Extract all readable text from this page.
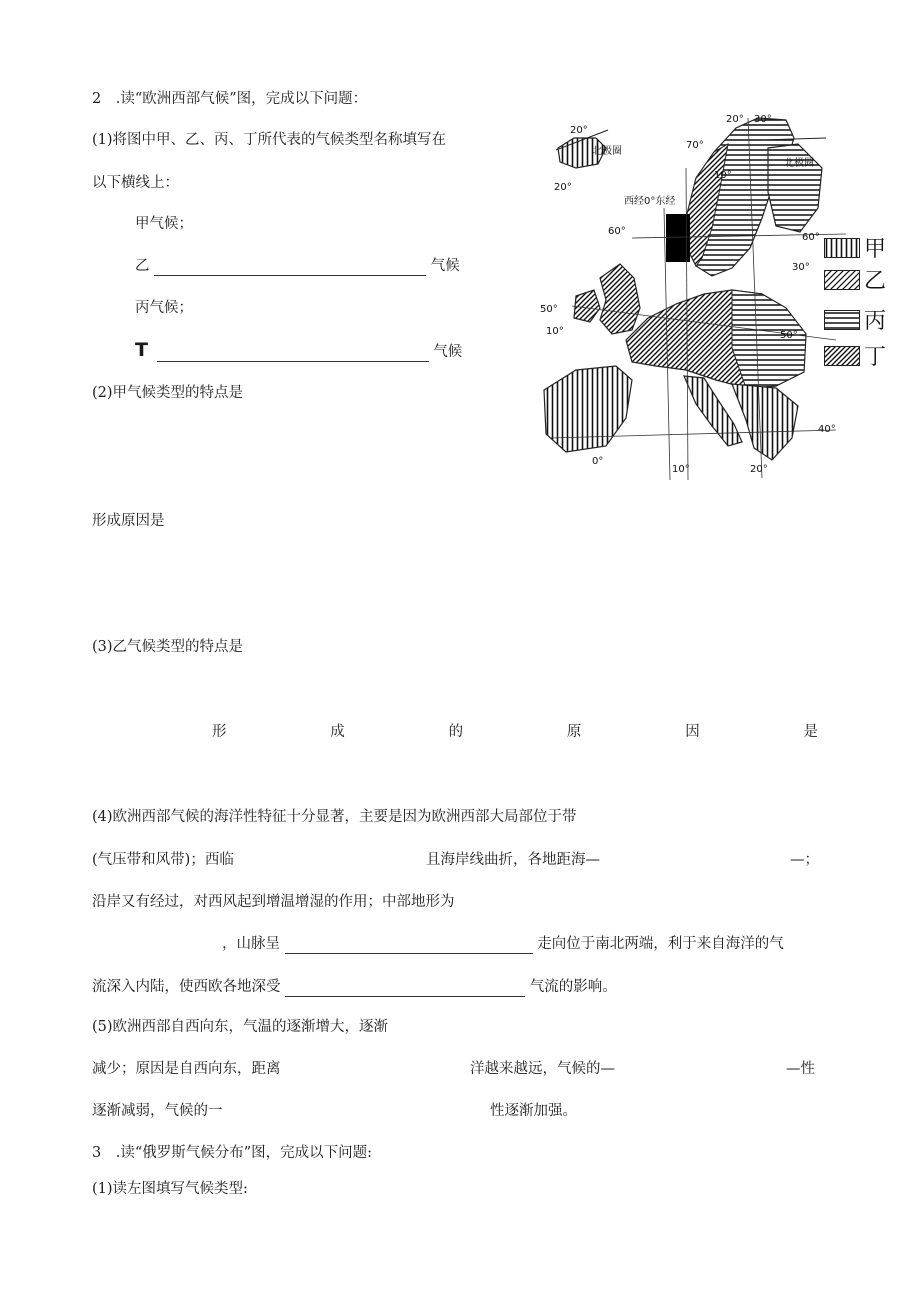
2　.读“欧洲西部气候”图，完成以下问题：
(1)将图中甲、乙、丙、丁所代表的气候类型名称填写在
以下横线上：
甲气候；
乙	气候
丙气候；
T	气候
(2)甲气候类型的特点是
形成原因是
(3)乙气候类型的特点是
形	成	的	原	因	是
(4)欧洲西部气候的海洋性特征十分显著，主要是因为欧洲西部大局部位于带
(气压带和风带)；西临	且海岸线曲折，各地距海—	—；
沿岸又有经过，对西风起到增温增湿的作用；中部地形为
，山脉呈	走向位于南北两端，利于来自海洋的气
流深入内陆，使西欧各地深受	气流的影响。
(5)欧洲西部自西向东，气温的逐渐增大，逐渐
减少；原因是自西向东，距离	洋越来越远，气候的—	—性
逐渐减弱，气候的一	性逐渐加强。
3　.读“俄罗斯气候分布”图，完成以下问题:
(1)读左图填写气候类型:
20°
北极圈
20°
70°
20° 30°
北极圈
10°
西经0°东经
60°
60°
30°
50°
10°	50°
40°
0°
10°	20°
甲
乙
丙
丁
